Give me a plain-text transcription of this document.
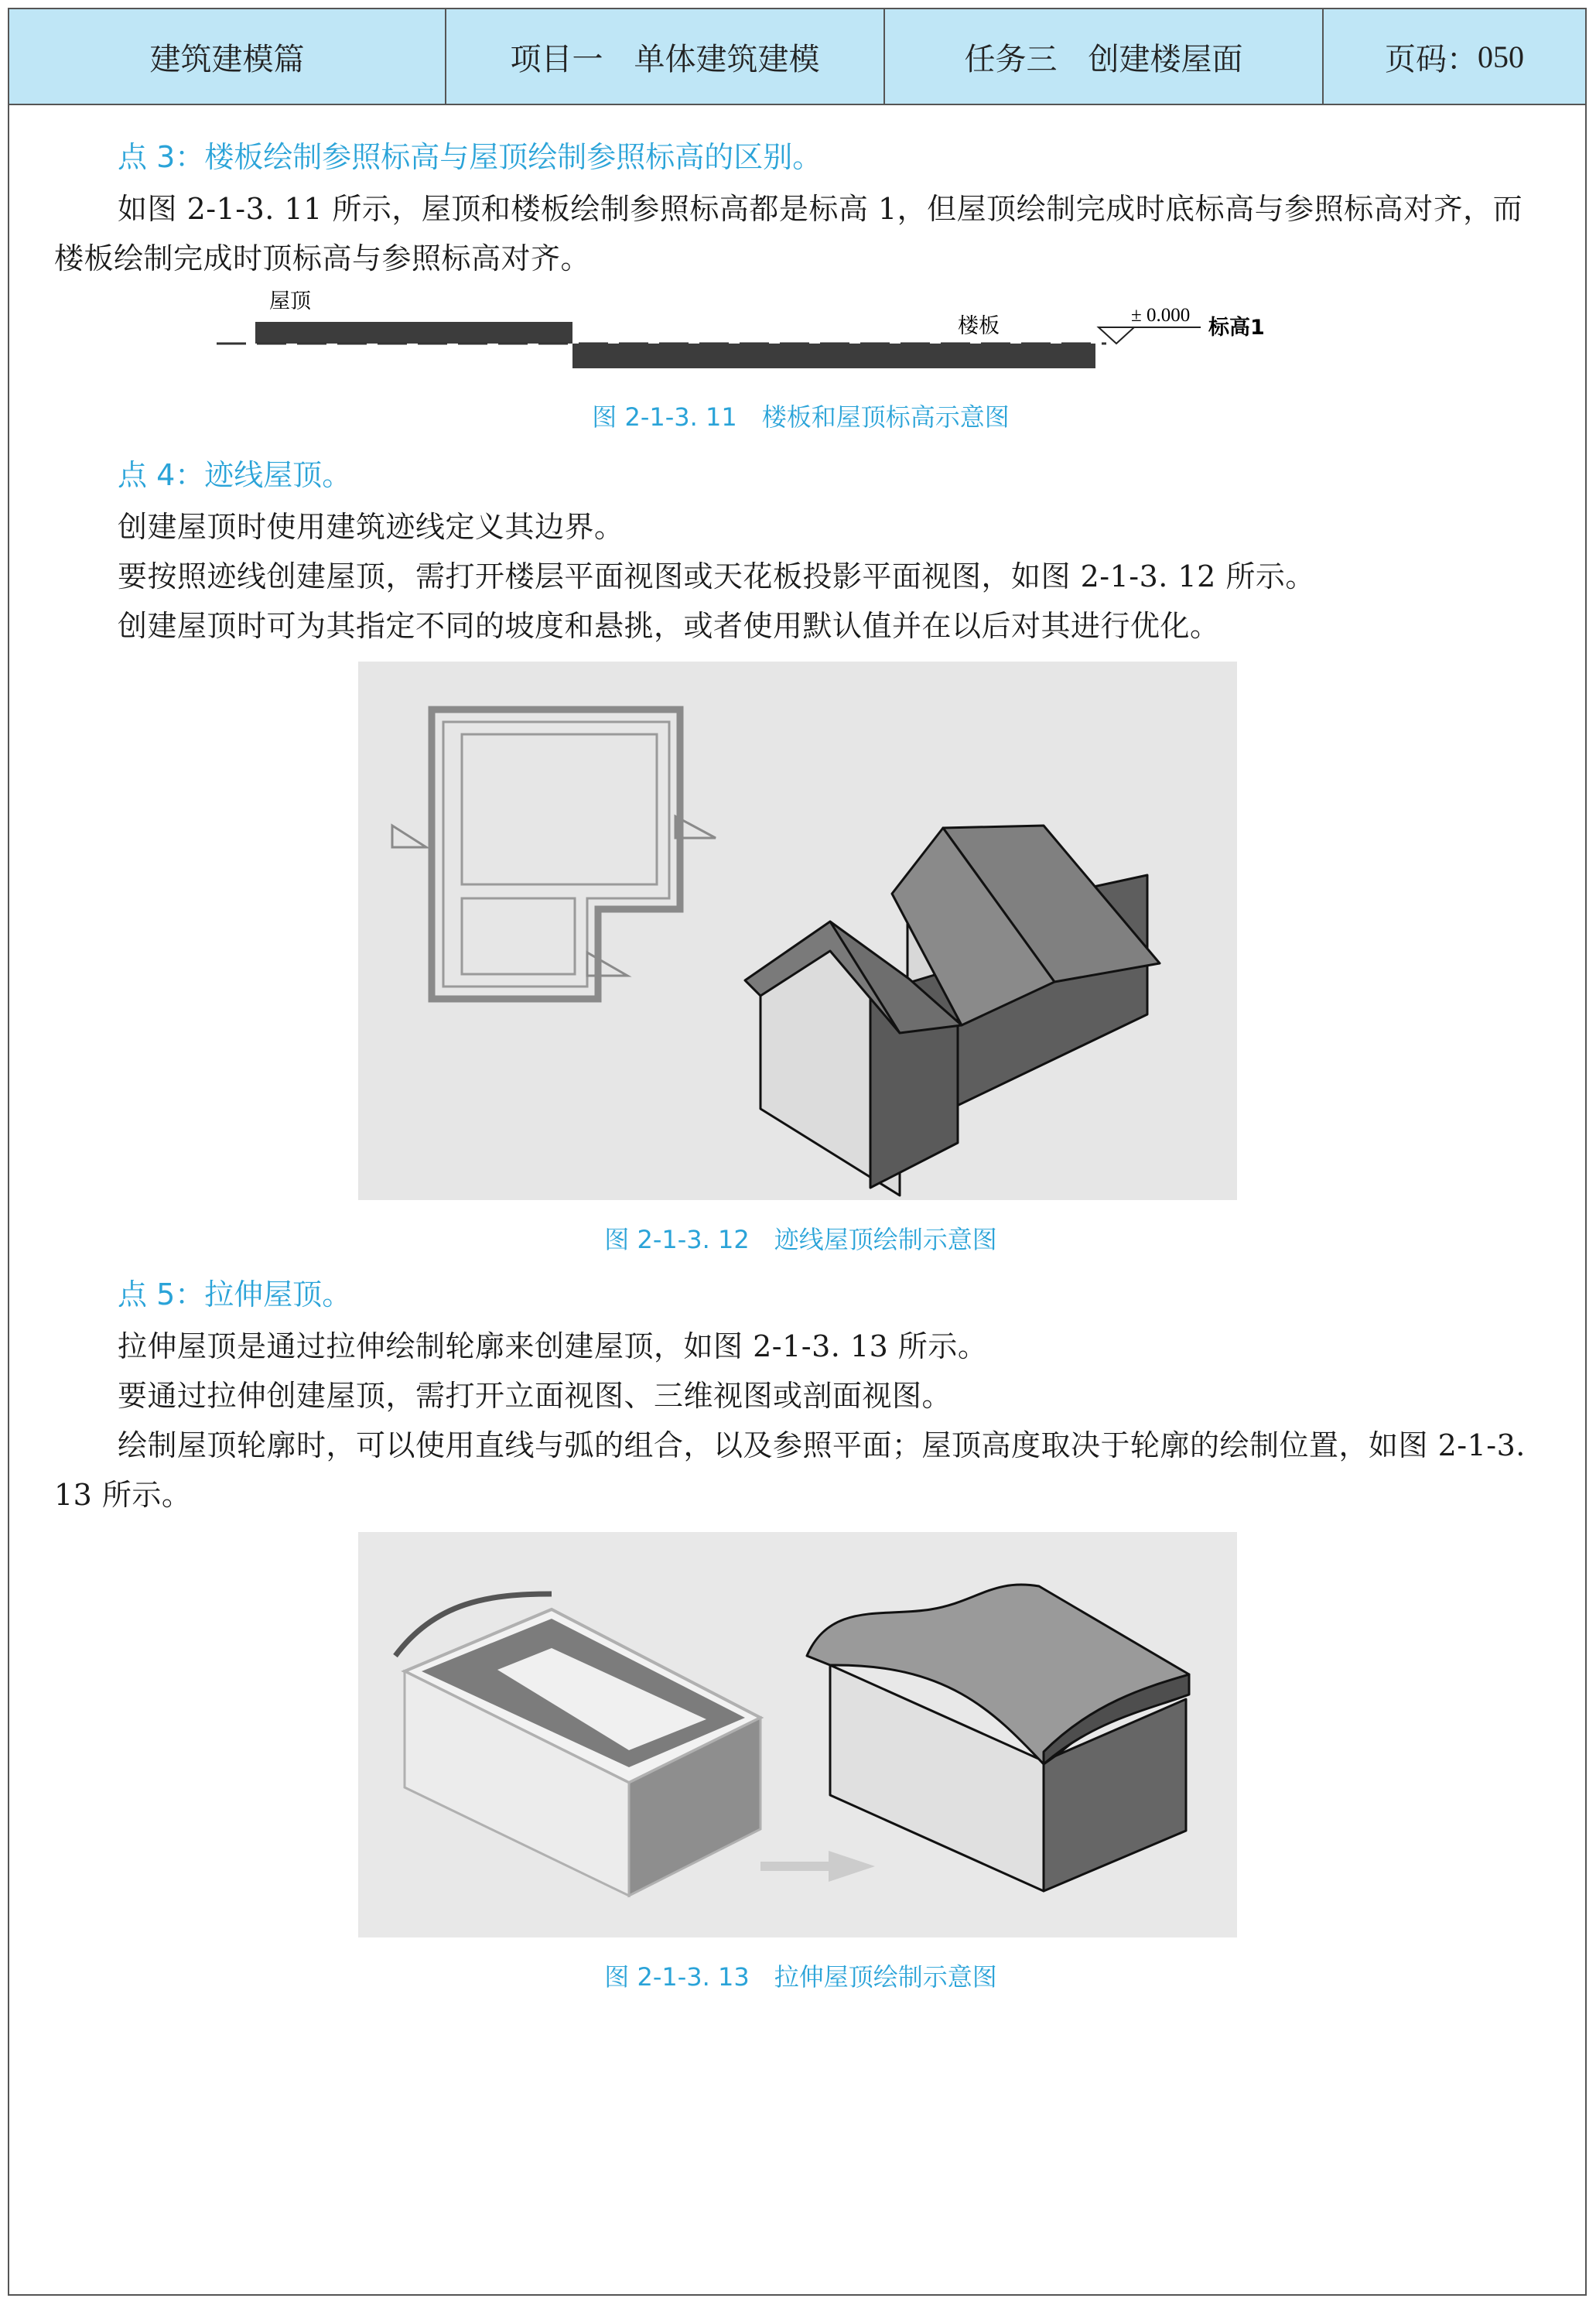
建筑建模篇	项目一　单体建筑建模	任务三　创建楼屋面	页码： 050

点 3：楼板绘制参照标高与屋顶绘制参照标高的区别。

如图 2-1-3. 11 所示，屋顶和楼板绘制参照标高都是标高 1，但屋顶绘制完成时底标高与参照标高对齐，而楼板绘制完成时顶标高与参照标高对齐。

屋顶
楼板	± 0.000
标高1

图 2-1-3. 11　楼板和屋顶标高示意图

点 4：迹线屋顶。

创建屋顶时使用建筑迹线定义其边界。

要按照迹线创建屋顶，需打开楼层平面视图或天花板投影平面视图，如图 2-1-3. 12 所示。

创建屋顶时可为其指定不同的坡度和悬挑，或者使用默认值并在以后对其进行优化。

图 2-1-3. 12　迹线屋顶绘制示意图

点 5：拉伸屋顶。

拉伸屋顶是通过拉伸绘制轮廓来创建屋顶，如图 2-1-3. 13 所示。

要通过拉伸创建屋顶，需打开立面视图、三维视图或剖面视图。

绘制屋顶轮廓时，可以使用直线与弧的组合，以及参照平面；屋顶高度取决于轮廓的绘制位置，如图 2-1-3. 13 所示。

图 2-1-3. 13　拉伸屋顶绘制示意图
